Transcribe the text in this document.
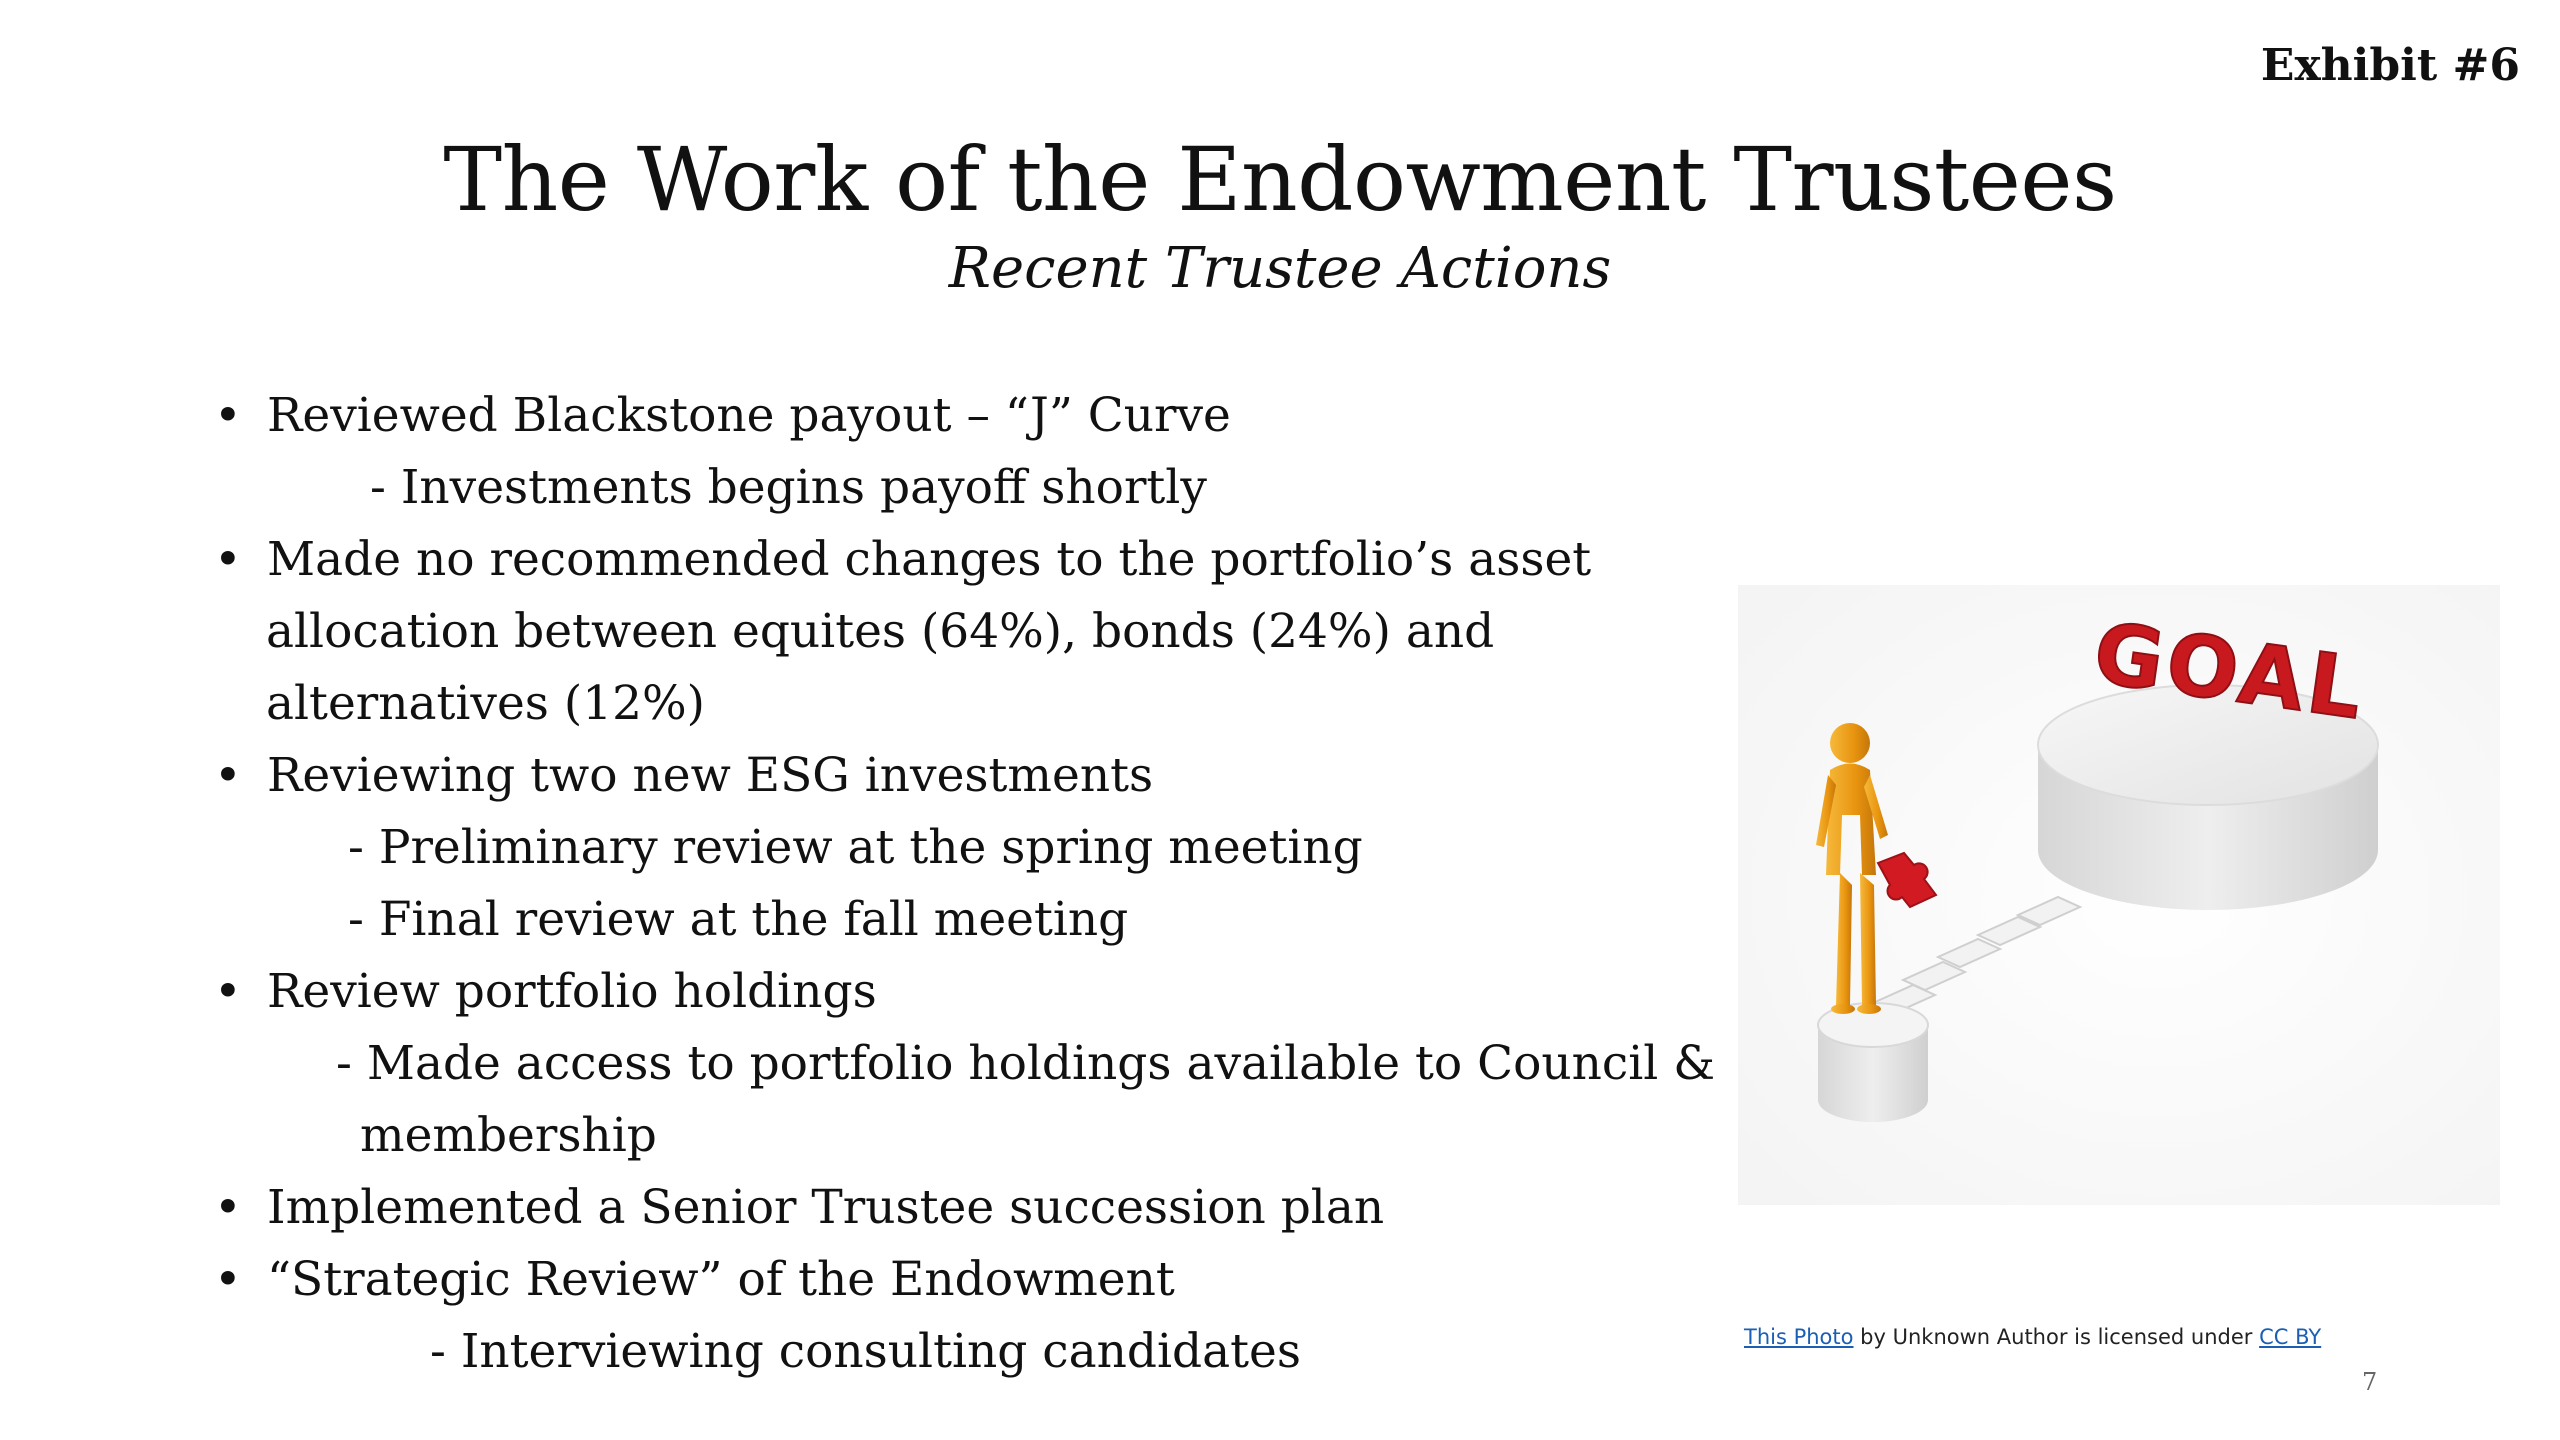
Exhibit #6
The Work of the Endowment Trustees
Recent Trustee Actions
• Reviewed Blackstone payout – “J” Curve
- Investments begins payoff shortly
• Made no recommended changes to the portfolio’s asset
allocation between equites (64%), bonds (24%) and
alternatives (12%)
• Reviewing two new ESG investments
- Preliminary review at the spring meeting
- Final review at the fall meeting
• Review portfolio holdings
- Made access to portfolio holdings available to Council &
membership
• Implemented a Senior Trustee succession plan
• “Strategic Review” of the Endowment
- Interviewing consulting candidates
GOAL
This Photo by Unknown Author is licensed under CC BY
7
